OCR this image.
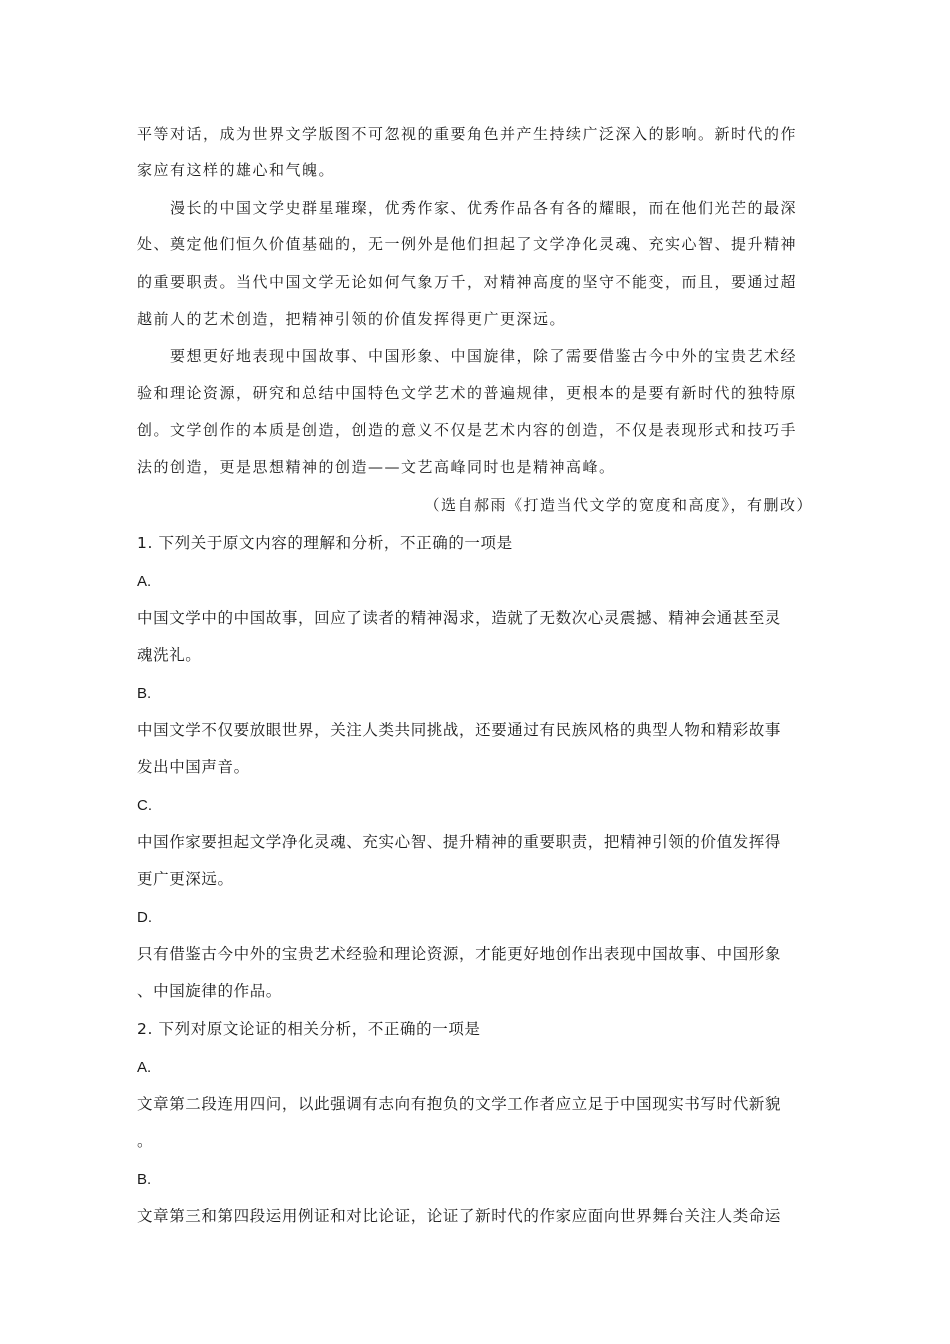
平等对话，成为世界文学版图不可忽视的重要角色并产生持续广泛深入的影响。新时代的作
家应有这样的雄心和气魄。
漫长的中国文学史群星璀璨，优秀作家、优秀作品各有各的耀眼，而在他们光芒的最深
处、奠定他们恒久价值基础的，无一例外是他们担起了文学净化灵魂、充实心智、提升精神
的重要职责。当代中国文学无论如何气象万千，对精神高度的坚守不能变，而且，要通过超
越前人的艺术创造，把精神引领的价值发挥得更广更深远。
要想更好地表现中国故事、中国形象、中国旋律，除了需要借鉴古今中外的宝贵艺术经
验和理论资源，研究和总结中国特色文学艺术的普遍规律，更根本的是要有新时代的独特原
创。文学创作的本质是创造，创造的意义不仅是艺术内容的创造，不仅是表现形式和技巧手
法的创造，更是思想精神的创造——文艺高峰同时也是精神高峰。
（选自郝雨《打造当代文学的宽度和高度》，有删改）
1. 下列关于原文内容的理解和分析，不正确的一项是
A.
中国文学中的中国故事，回应了读者的精神渴求，造就了无数次心灵震撼、精神会通甚至灵
魂洗礼。
B.
中国文学不仅要放眼世界，关注人类共同挑战，还要通过有民族风格的典型人物和精彩故事
发出中国声音。
C.
中国作家要担起文学净化灵魂、充实心智、提升精神的重要职责，把精神引领的价值发挥得
更广更深远。
D.
只有借鉴古今中外的宝贵艺术经验和理论资源，才能更好地创作出表现中国故事、中国形象
、中国旋律的作品。
2. 下列对原文论证的相关分析，不正确的一项是
A.
文章第二段连用四问，以此强调有志向有抱负的文学工作者应立足于中国现实书写时代新貌
。
B.
文章第三和第四段运用例证和对比论证，论证了新时代的作家应面向世界舞台关注人类命运
